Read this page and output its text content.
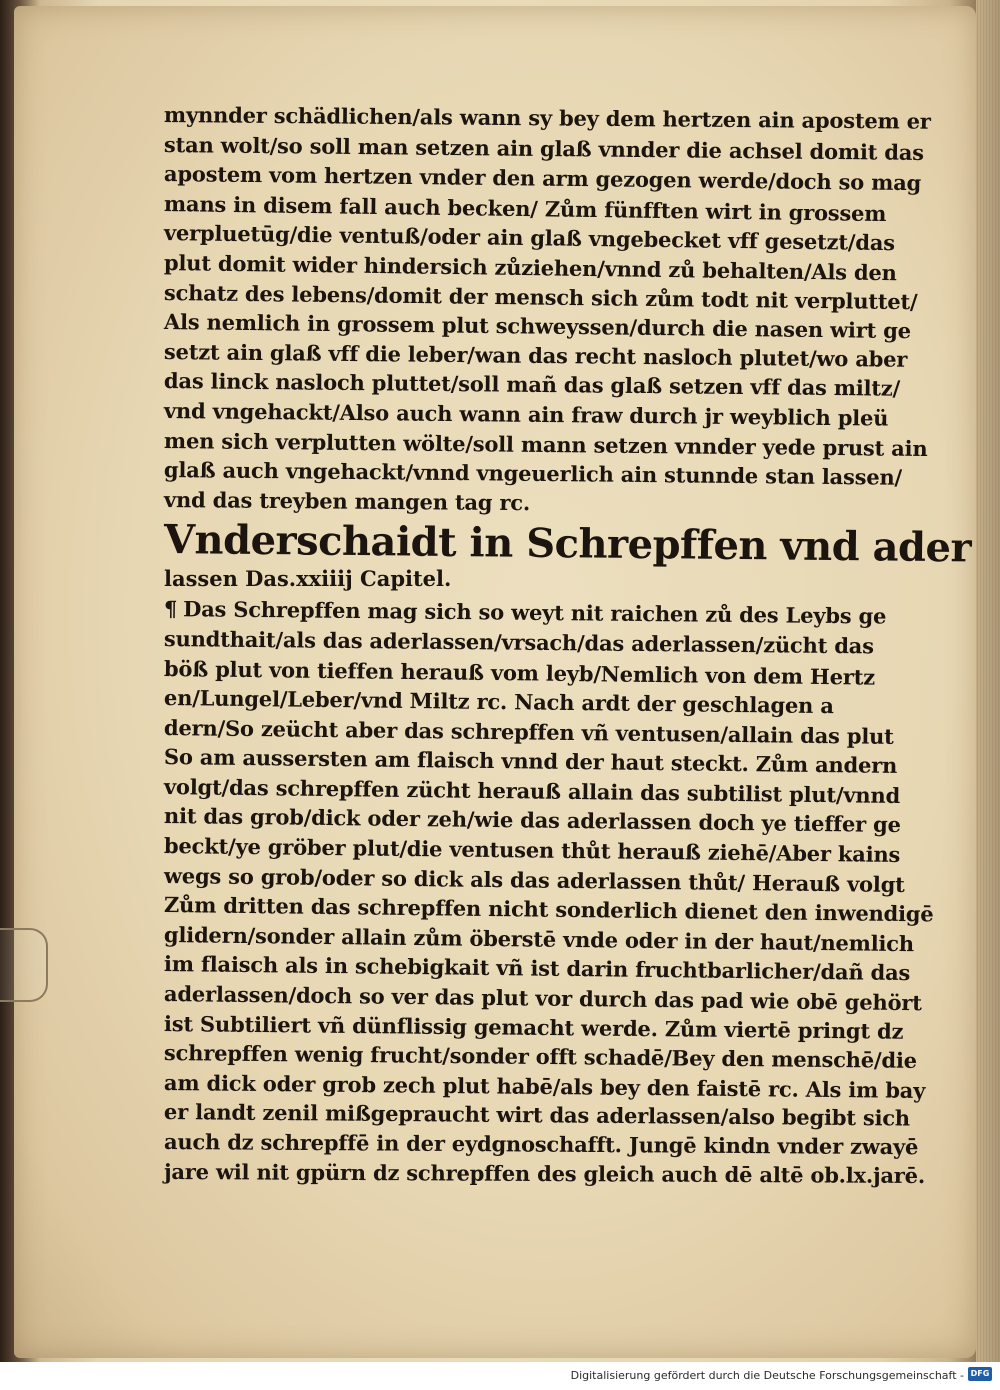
mynnder schädlichen/als wann sy bey dem hertzen ain apostem er
stan wolt/so soll man setzen ain glaß vnnder die achsel domit das
apostem vom hertzen vnder den arm gezogen werde/doch so mag
mans in disem fall auch becken/ Zům fünfften wirt in grossem
verpluetūg/die ventuß/oder ain glaß vngebecket vff gesetzt/das
plut domit wider hindersich zůziehen/vnnd zů behalten/Als den
schatz des lebens/domit der mensch sich zům todt nit verpluttet/
Als nemlich in grossem plut schweyssen/durch die nasen wirt ge
setzt ain glaß vff die leber/wan das recht nasloch plutet/wo aber
das linck nasloch pluttet/soll mañ das glaß setzen vff das miltz/
vnd vngehackt/Also auch wann ain fraw durch jr weyblich pleü
men sich verplutten wölte/soll mann setzen vnnder yede prust ain
glaß auch vngehackt/vnnd vngeuerlich ain stunnde stan lassen/
vnd das treyben mangen tag rc.
Vnderschaidt in Schrepffen vnd ader
lassen Das.xxiiij Capitel.
¶ Das Schrepffen mag sich so weyt nit raichen zů des Leybs ge
sundthait/als das aderlassen/vrsach/das aderlassen/zücht das
böß plut von tieffen herauß vom leyb/Nemlich von dem Hertz
en/Lungel/Leber/vnd Miltz rc. Nach ardt der geschlagen a
dern/So zeücht aber das schrepffen vñ ventusen/allain das plut
So am aussersten am flaisch vnnd der haut steckt. Zům andern
volgt/das schrepffen zücht herauß allain das subtilist plut/vnnd
nit das grob/dick oder zeh/wie das aderlassen doch ye tieffer ge
beckt/ye gröber plut/die ventusen thůt herauß ziehē/Aber kains
wegs so grob/oder so dick als das aderlassen thůt/ Herauß volgt
Zům dritten das schrepffen nicht sonderlich dienet den inwendigē
glidern/sonder allain zům öberstē vnde oder in der haut/nemlich
im flaisch als in schebigkait vñ ist darin fruchtbarlicher/dañ das
aderlassen/doch so ver das plut vor durch das pad wie obē gehört
ist Subtiliert vñ dünflissig gemacht werde. Zům viertē pringt dz
schrepffen wenig frucht/sonder offt schadē/Bey den menschē/die
am dick oder grob zech plut habē/als bey den faistē rc. Als im bay
er landt zenil mißgepraucht wirt das aderlassen/also begibt sich
auch dz schrepffē in der eydgnoschafft. Jungē kindn vnder zwayē
jare wil nit gpürn dz schrepffen des gleich auch dē altē ob.lx.jarē.
Digitalisierung gefördert durch die Deutsche Forschungsgemeinschaft - DFG
